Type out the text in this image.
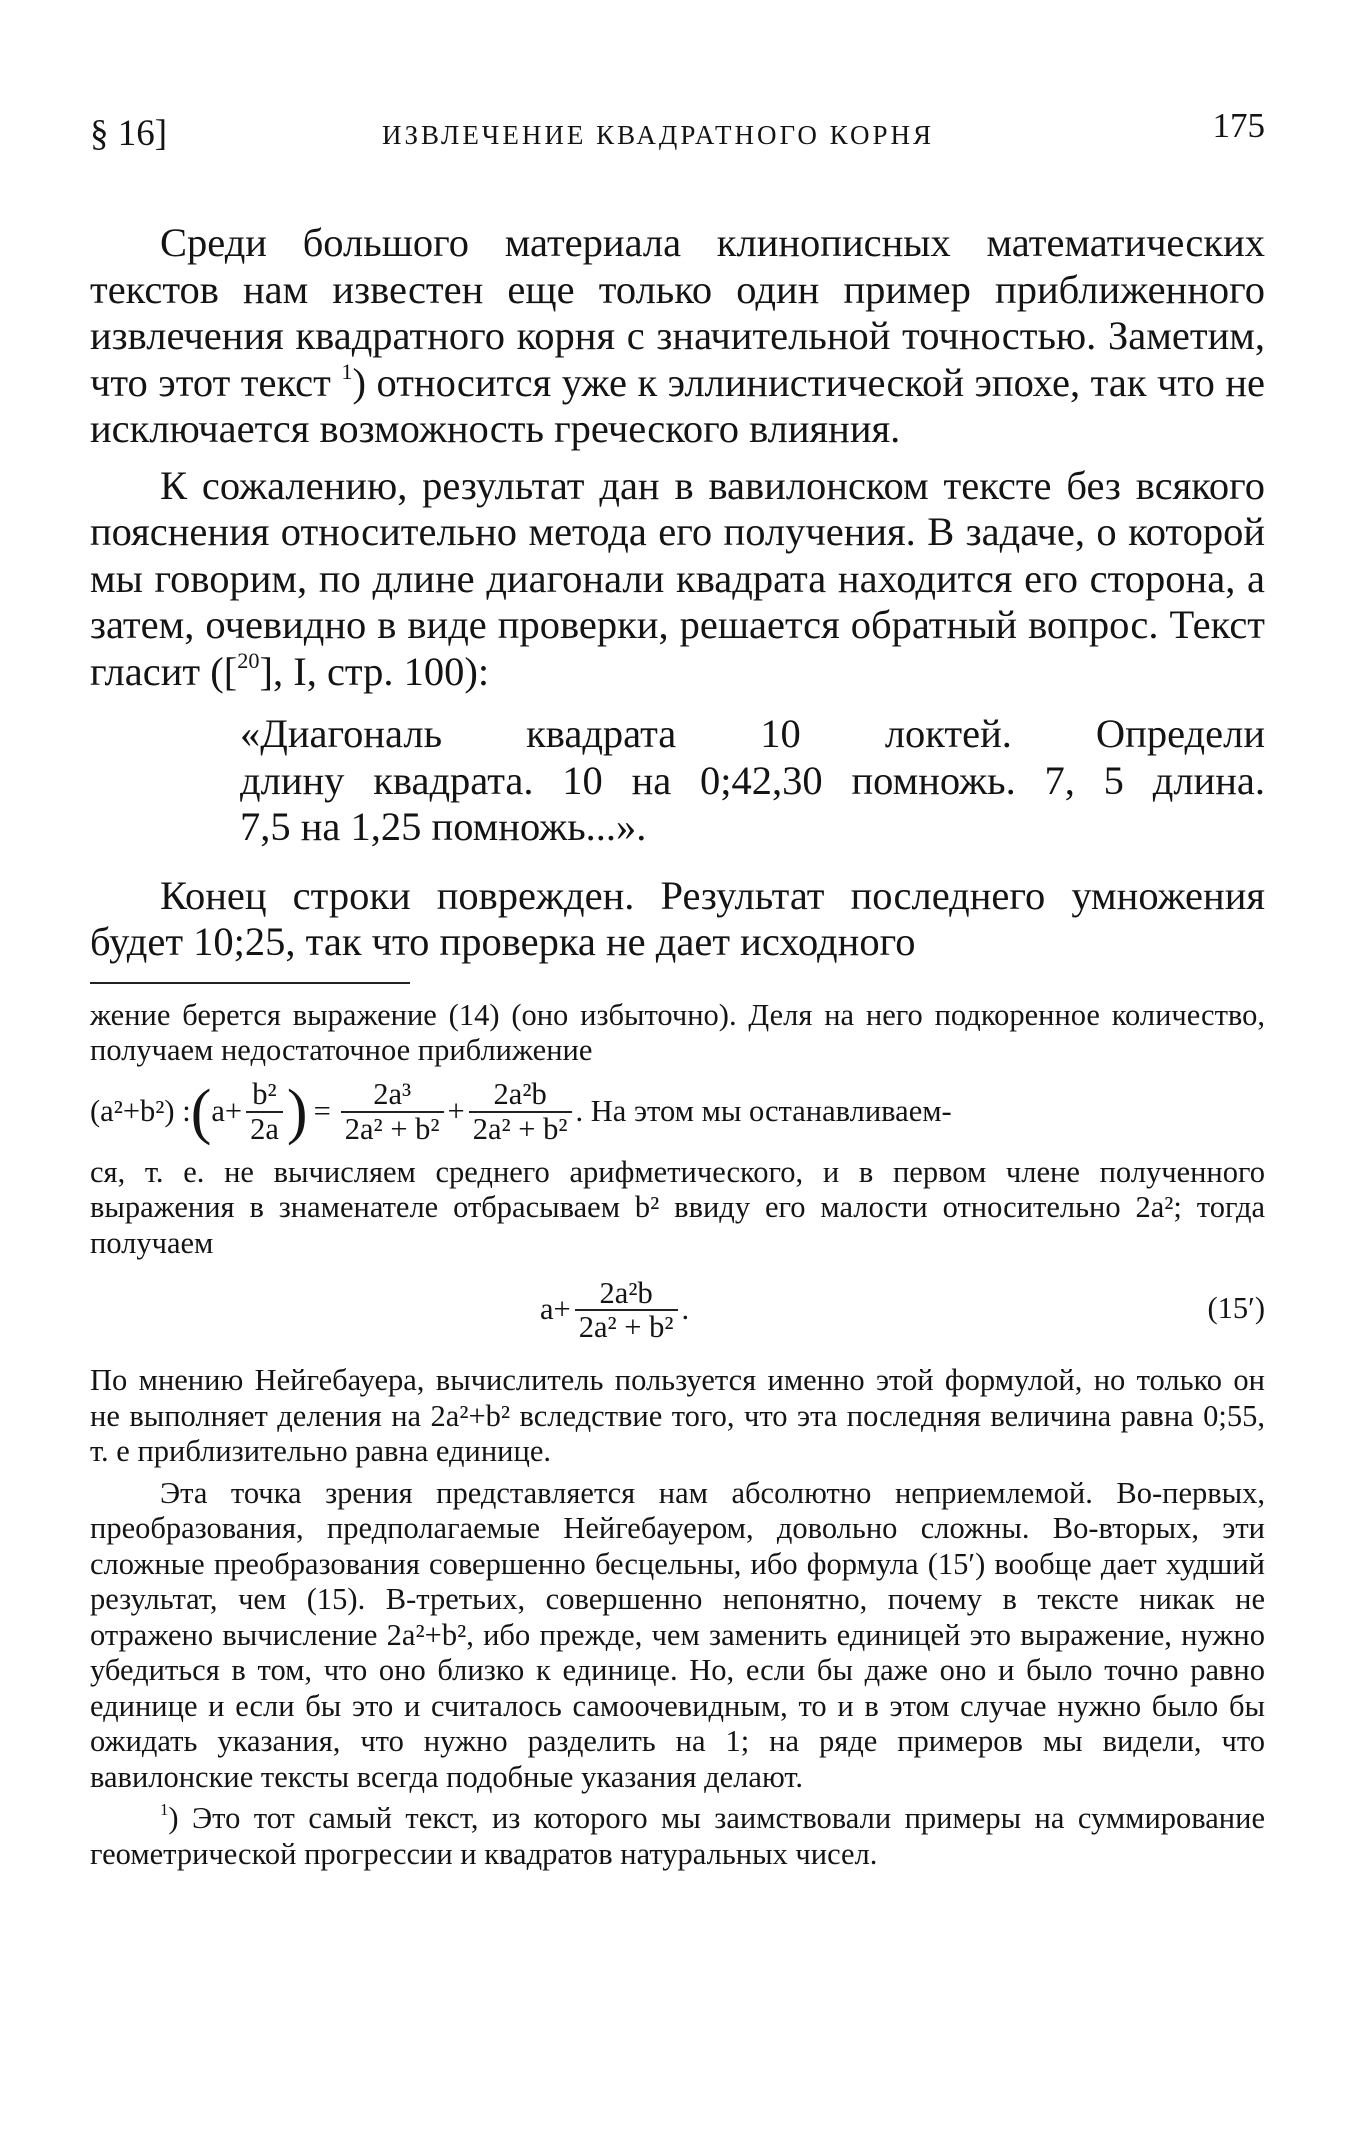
§ 16]	ИЗВЛЕЧЕНИЕ КВАДРАТНОГО КОРНЯ	175

Среди большого материала клинописных математических текстов нам известен еще только один пример приближенного извлечения квадратного корня с значительной точностью. Заметим, что этот текст $^1$) относится уже к эллинистической эпохе, так что не исключается возможность греческого влияния.

К сожалению, результат дан в вавилонском тексте без всякого пояснения относительно метода его получения. В задаче, о которой мы говорим, по длине диагонали квадрата находится его сторона, а затем, очевидно в виде проверки, решается обратный вопрос. Текст гласит ([$^{20}$], I, стр. 100):

«Диагональ квадрата 10 локтей. Определи
длину квадрата. 10 на 0;42,30 помножь. 7, 5 длина.
7,5 на 1,25 помножь...».

Конец строки поврежден. Результат последнего умножения будет 10;25, так что проверка не дает исходного

жение берется выражение (14) (оно избыточно). Деля на него подкоренное количество, получаем недостаточное приближение

(a²+b²) : ( $a+ \frac{\text{b²}}{2a}$ ) = $\frac{\text{2a³}}{\text{2a² + b²}} + \frac{\text{2a²b}}{\text{2a² + b²}}$ . На этом мы останавливаем-

ся, т. е. не вычисляем среднего арифметического, и в первом члене полученного выражения в знаменателе отбрасываем b² ввиду его малости относительно 2a²; тогда получаем

$a+ \frac{\text{2a²b}}{\text{2a² + b²}}$ .	(15′)

По мнению Нейгебауера, вычислитель пользуется именно этой формулой, но только он не выполняет деления на 2a²+b² вследствие того, что эта последняя величина равна 0;55, т. е приблизительно равна единице.

Эта точка зрения представляется нам абсолютно неприемлемой. Во-первых, преобразования, предполагаемые Нейгебауером, довольно сложны. Во-вторых, эти сложные преобразования совершенно бесцельны, ибо формула (15′) вообще дает худший результат, чем (15). В-третьих, совершенно непонятно, почему в тексте никак не отражено вычисление 2a²+b², ибо прежде, чем заменить единицей это выражение, нужно убедиться в том, что оно близко к единице. Но, если бы даже оно и было точно равно единице и если бы это и считалось самоочевидным, то и в этом случае нужно было бы ожидать указания, что нужно разделить на 1; на ряде примеров мы видели, что вавилонские тексты всегда подобные указания делают.

$^1$) Это тот самый текст, из которого мы заимствовали примеры на суммирование геометрической прогрессии и квадратов натуральных чисел.
